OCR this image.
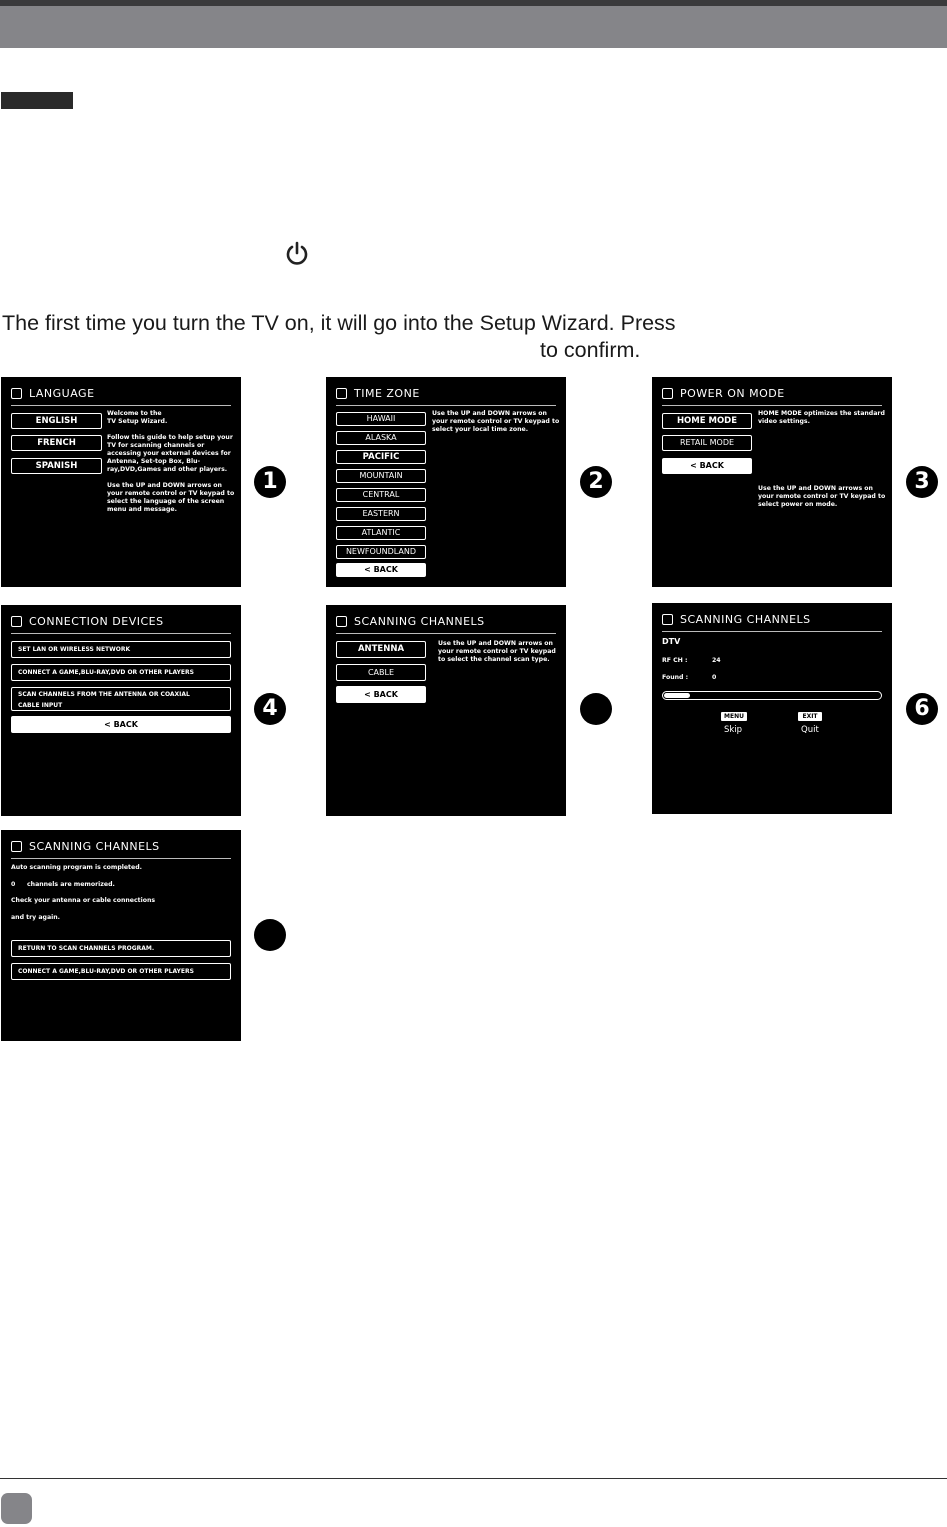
The first time you turn the TV on, it will go into the Setup Wizard. Press
to confirm.
LANGUAGE
ENGLISH
FRENCH
SPANISH
Welcome to the
TV Setup Wizard.
Follow this guide to help setup your TV for scanning channels or accessing your external devices for Antenna, Set-top Box, Blu-ray,DVD,Games and other players.
Use the UP and DOWN arrows on your remote control or TV keypad to select the language of the screen menu and message.
1
TIME ZONE
HAWAII
ALASKA
PACIFIC
MOUNTAIN
CENTRAL
EASTERN
ATLANTIC
NEWFOUNDLAND
< BACK
Use the UP and DOWN arrows on your remote control or TV keypad to select your local time zone.
2
POWER ON MODE
HOME MODE
RETAIL MODE
< BACK
HOME MODE optimizes the standard video settings.
Use the UP and DOWN arrows on your remote control or TV keypad to select power on mode.
3
CONNECTION DEVICES
SET LAN OR WIRELESS NETWORK
CONNECT A GAME,BLU-RAY,DVD OR OTHER PLAYERS
SCAN CHANNELS FROM THE ANTENNA OR COAXIAL
CABLE INPUT
< BACK
4
SCANNING CHANNELS
ANTENNA
CABLE
< BACK
Use the UP and DOWN arrows on your remote control or TV keypad to select the channel scan type.
SCANNING CHANNELS
DTV
RF CH :	24
Found :	0
MENU
Skip
EXIT
Quit
6
SCANNING CHANNELS
Auto scanning program is completed.
0 channels are memorized.
Check your antenna or cable connections
and try again.
RETURN TO SCAN CHANNELS PROGRAM.
CONNECT A GAME,BLU-RAY,DVD OR OTHER PLAYERS
